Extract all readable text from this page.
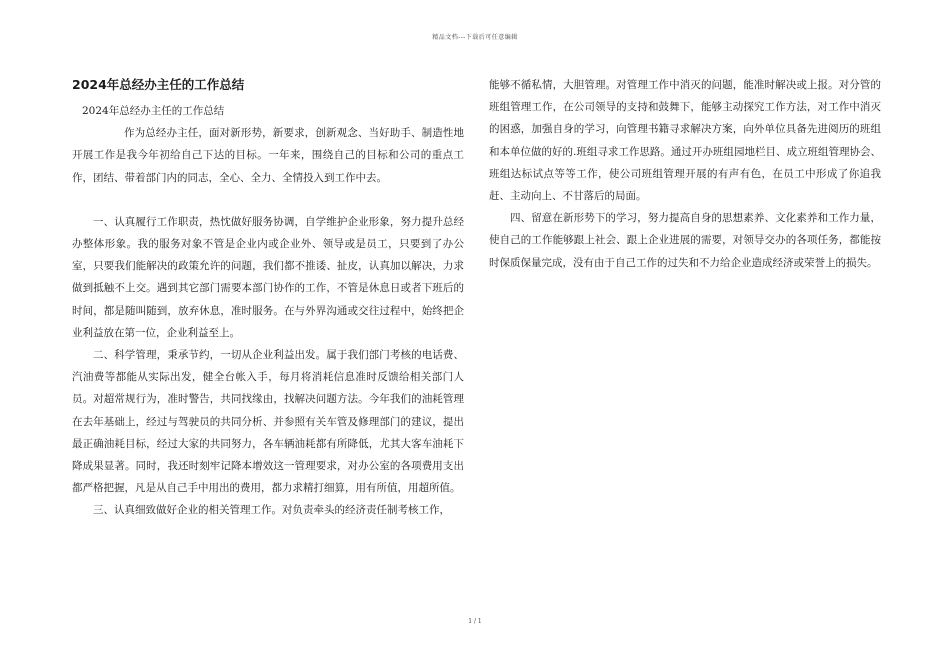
精品文档---下载后可任意编辑
2024年总经办主任的工作总结

2024年总经办主任的工作总结

作为总经办主任，面对新形势，新要求，创新观念、当好助手、制造性地开展工作是我今年初给自己下达的目标。一年来，围绕自己的目标和公司的重点工作，团结、带着部门内的同志，全心、全力、全情投入到工作中去。

一、认真履行工作职责，热忱做好服务协调，自学维护企业形象，努力提升总经办整体形象。我的服务对象不管是企业内或企业外、领导或是员工，只要到了办公室，只要我们能解决的政策允许的问题，我们都不推诿、扯皮，认真加以解决，力求做到抵触不上交。遇到其它部门需要本部门协作的工作，不管是休息日或者下班后的时间，都是随叫随到，放弃休息，准时服务。在与外界沟通或交往过程中，始终把企业利益放在第一位，企业利益至上。

二、科学管理，秉承节约，一切从企业利益出发。属于我们部门考核的电话费、汽油费等都能从实际出发，健全台帐入手，每月将消耗信息准时反馈给相关部门人员。对超常规行为，准时警告，共同找缘由，找解决问题方法。今年我们的油耗管理在去年基础上，经过与驾驶员的共同分析、并参照有关车管及修理部门的建议，提出最正确油耗目标，经过大家的共同努力，各车辆油耗都有所降低，尤其大客车油耗下降成果显著。同时，我还时刻牢记降本增效这一管理要求，对办公室的各项费用支出都严格把握，凡是从自己手中用出的费用，都力求精打细算，用有所值，用超所值。

三、认真细致做好企业的相关管理工作。对负责牵头的经济责任制考核工作，

能够不循私情，大胆管理。对管理工作中消灭的问题，能准时解决或上报。对分管的班组管理工作，在公司领导的支持和鼓舞下，能够主动探究工作方法，对工作中消灭的困惑，加强自身的学习，向管理书籍寻求解决方案，向外单位具备先进阅历的班组和本单位做的好的.班组寻求工作思路。通过开办班组园地栏目、成立班组管理协会、班组达标试点等等工作，使公司班组管理开展的有声有色，在员工中形成了你追我赶、主动向上、不甘落后的局面。

四、留意在新形势下的学习，努力提高自身的思想素养、文化素养和工作力量，使自己的工作能够跟上社会、跟上企业进展的需要，对领导交办的各项任务，都能按时保质保量完成，没有由于自己工作的过失和不力给企业造成经济或荣誉上的损失。

1 / 1
